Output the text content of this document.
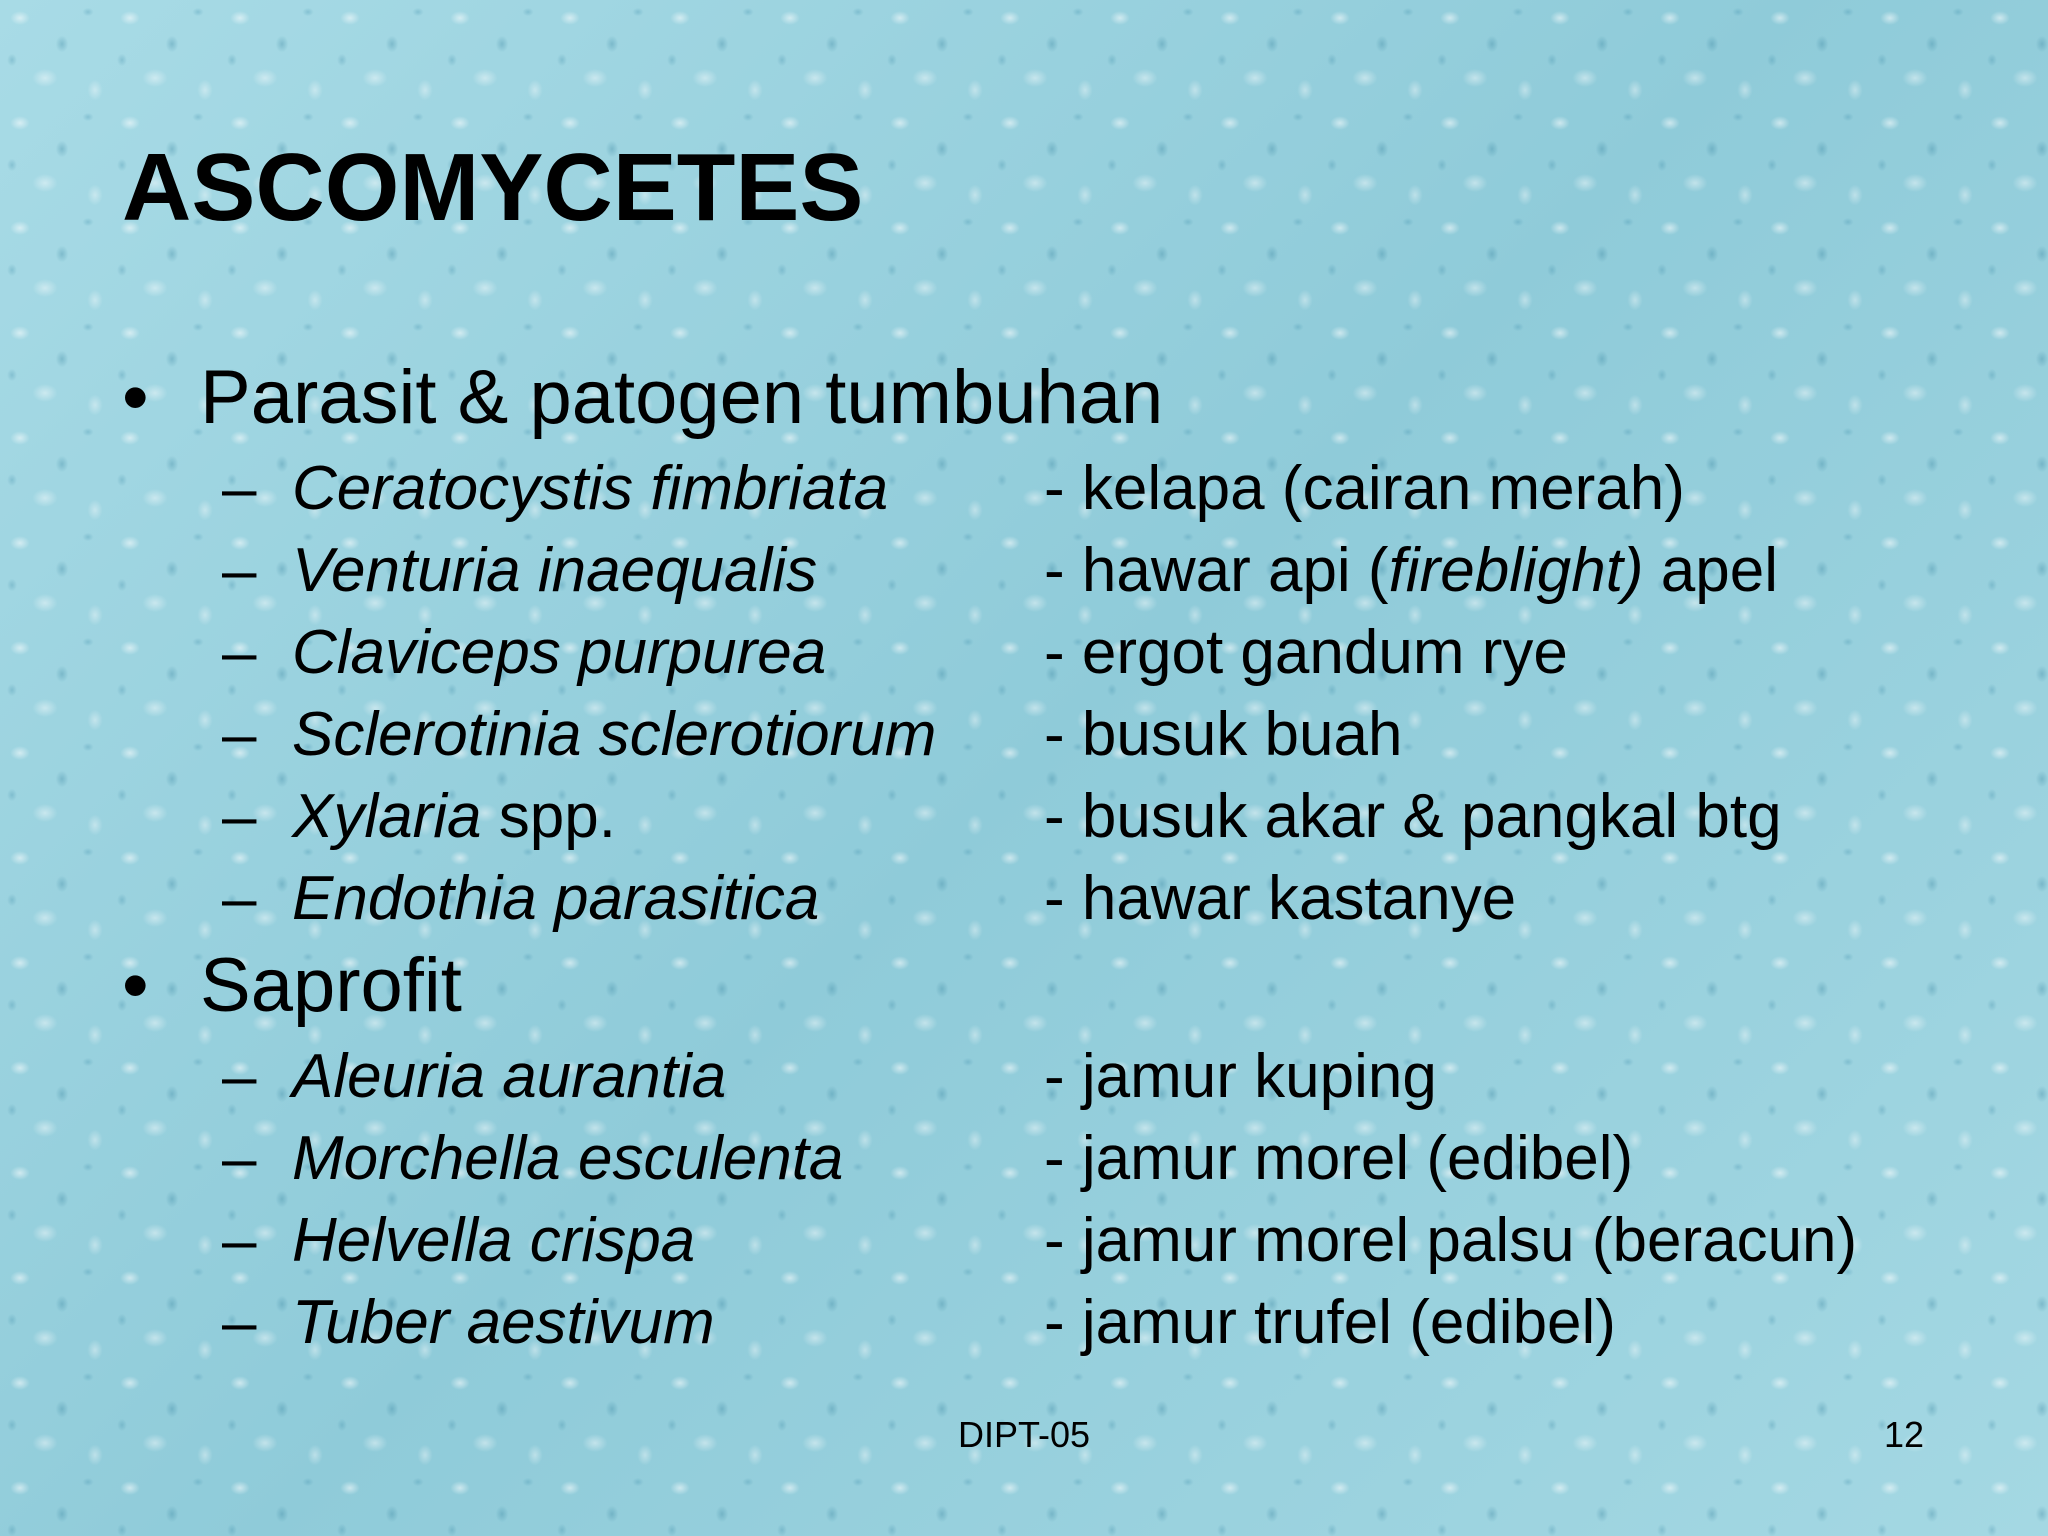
ASCOMYCETES
• Parasit & patogen tumbuhan
– Ceratocystis fimbriata	- kelapa (cairan merah)
– Venturia inaequalis	- hawar api (fireblight) apel
– Claviceps purpurea	- ergot gandum rye
– Sclerotinia sclerotiorum - busuk buah
– Xylaria spp.	- busuk akar & pangkal btg
– Endothia parasitica	- hawar kastanye
• Saprofit
– Aleuria aurantia	- jamur kuping
– Morchella esculenta	- jamur morel (edibel)
– Helvella crispa	- jamur morel palsu (beracun)
– Tuber aestivum	- jamur trufel (edibel)
DIPT-05	12
